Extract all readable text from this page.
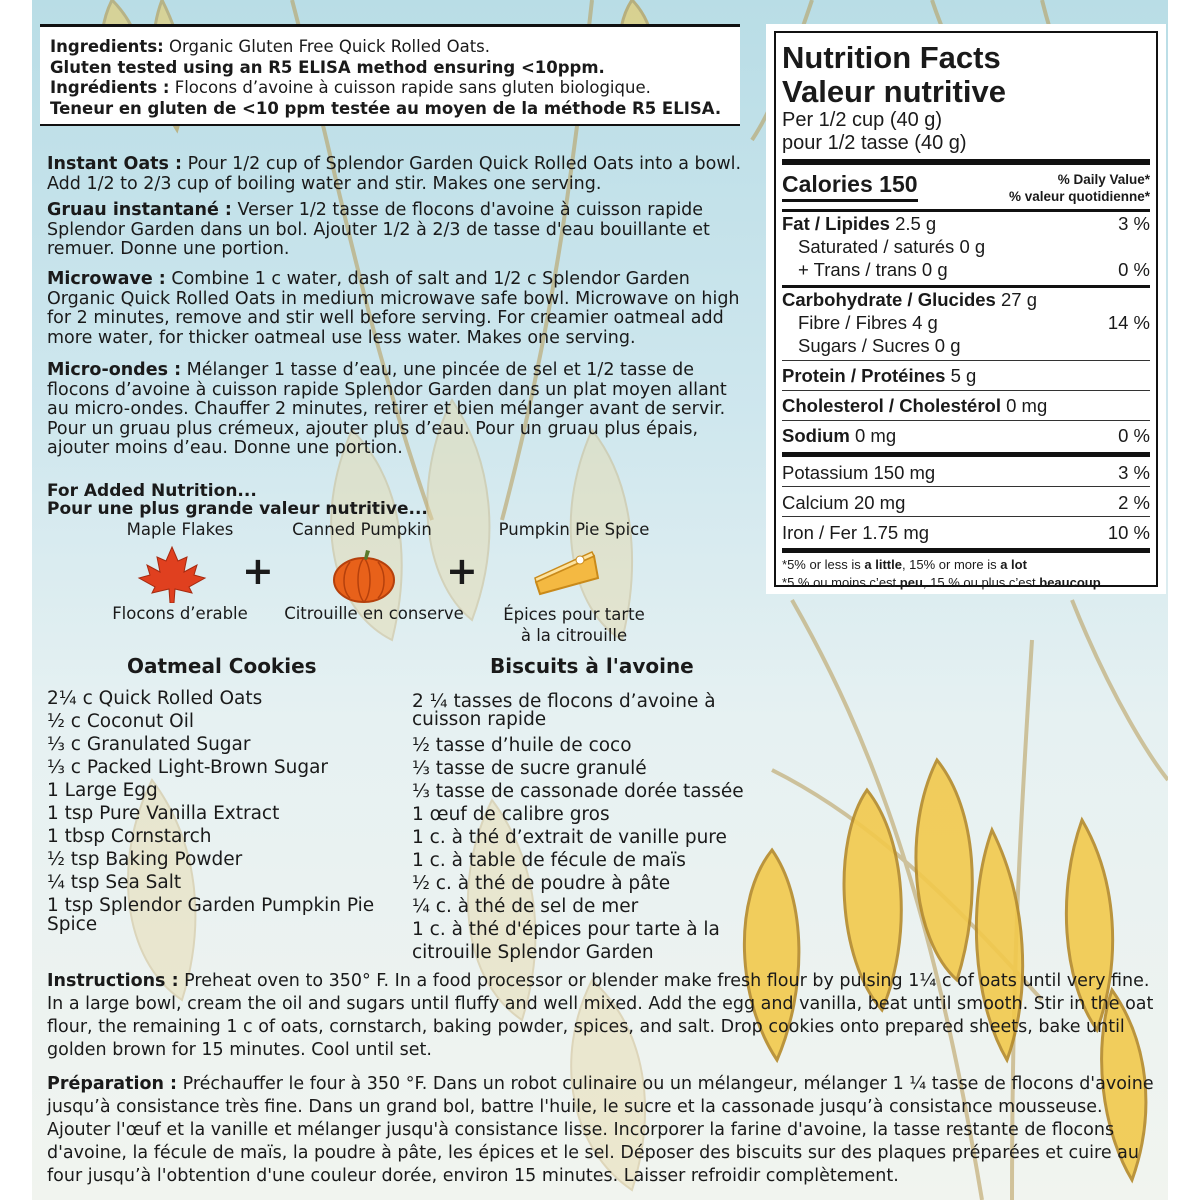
Ingredients: Organic Gluten Free Quick Rolled Oats.
Gluten tested using an R5 ELISA method ensuring <10ppm.
Ingrédients : Flocons d’avoine à cuisson rapide sans gluten biologique.
Teneur en gluten de <10 ppm testée au moyen de la méthode R5 ELISA.
Nutrition Facts
Valeur nutritive
Per 1/2 cup (40 g)
pour 1/2 tasse (40 g)
Calories 150	% Daily Value*
% valeur quotidienne*
Fat / Lipides 2.5 g	3 %
Saturated / saturés 0 g
+ Trans / trans 0 g	0 %
Carbohydrate / Glucides 27 g
Fibre / Fibres 4 g	14 %
Sugars / Sucres 0 g
Protein / Protéines 5 g
Cholesterol / Cholestérol 0 mg
Sodium 0 mg	0 %
Potassium 150 mg	3 %
Calcium 20 mg	2 %
Iron / Fer 1.75 mg	10 %
*5% or less is a little, 15% or more is a lot
*5 % ou moins c’est peu, 15 % ou plus c’est beaucoup
Instant Oats : Pour 1/2 cup of Splendor Garden Quick Rolled Oats into a bowl.
Add 1/2 to 2/3 cup of boiling water and stir. Makes one serving.
Gruau instantané : Verser 1/2 tasse de flocons d'avoine à cuisson rapide
Splendor Garden dans un bol. Ajouter 1/2 à 2/3 de tasse d'eau bouillante et
remuer. Donne une portion.
Microwave : Combine 1 c water, dash of salt and 1/2 c Splendor Garden
Organic Quick Rolled Oats in medium microwave safe bowl. Microwave on high
for 2 minutes, remove and stir well before serving. For creamier oatmeal add
more water, for thicker oatmeal use less water. Makes one serving.
Micro-ondes : Mélanger 1 tasse d’eau, une pincée de sel et 1/2 tasse de
flocons d’avoine à cuisson rapide Splendor Garden dans un plat moyen allant
au micro-ondes. Chauffer 2 minutes, retirer et bien mélanger avant de servir.
Pour un gruau plus crémeux, ajouter plus d’eau. Pour un gruau plus épais,
ajouter moins d’eau. Donne une portion.
For Added Nutrition...
Pour une plus grande valeur nutritive...
Maple Flakes
Flocons d’erable
+
Canned Pumpkin
Citrouille en conserve
+
Pumpkin Pie Spice
Épices pour tarte
à la citrouille
Oatmeal Cookies
2¼ c Quick Rolled Oats
½ c Coconut Oil
⅓ c Granulated Sugar
⅓ c Packed Light-Brown Sugar
1 Large Egg
1 tsp Pure Vanilla Extract
1 tbsp Cornstarch
½ tsp Baking Powder
¼ tsp Sea Salt
1 tsp Splendor Garden Pumpkin Pie
Spice
Biscuits à l'avoine
2 ¼ tasses de flocons d’avoine à
cuisson rapide
½ tasse d’huile de coco
⅓ tasse de sucre granulé
⅓ tasse de cassonade dorée tassée
1 œuf de calibre gros
1 c. à thé d’extrait de vanille pure
1 c. à table de fécule de maïs
½ c. à thé de poudre à pâte
¼ c. à thé de sel de mer
1 c. à thé d'épices pour tarte à la
citrouille Splendor Garden
Instructions : Preheat oven to 350° F. In a food processor or blender make fresh flour by pulsing 1¼ c of oats until very fine. In a large bowl, cream the oil and sugars until fluffy and well mixed. Add the egg and vanilla, beat until smooth. Stir in the oat flour, the remaining 1 c of oats, cornstarch, baking powder, spices, and salt. Drop cookies onto prepared sheets, bake until golden brown for 15 minutes. Cool until set.
Préparation : Préchauffer le four à 350 °F. Dans un robot culinaire ou un mélangeur, mélanger 1 ¼ tasse de flocons d'avoine jusqu’à consistance très fine. Dans un grand bol, battre l'huile, le sucre et la cassonade jusqu’à consistance mousseuse. Ajouter l'œuf et la vanille et mélanger jusqu'à consistance lisse. Incorporer la farine d'avoine, la tasse restante de flocons d'avoine, la fécule de maïs, la poudre à pâte, les épices et le sel. Déposer des biscuits sur des plaques préparées et cuire au four jusqu’à l'obtention d'une couleur dorée, environ 15 minutes. Laisser refroidir complètement.
